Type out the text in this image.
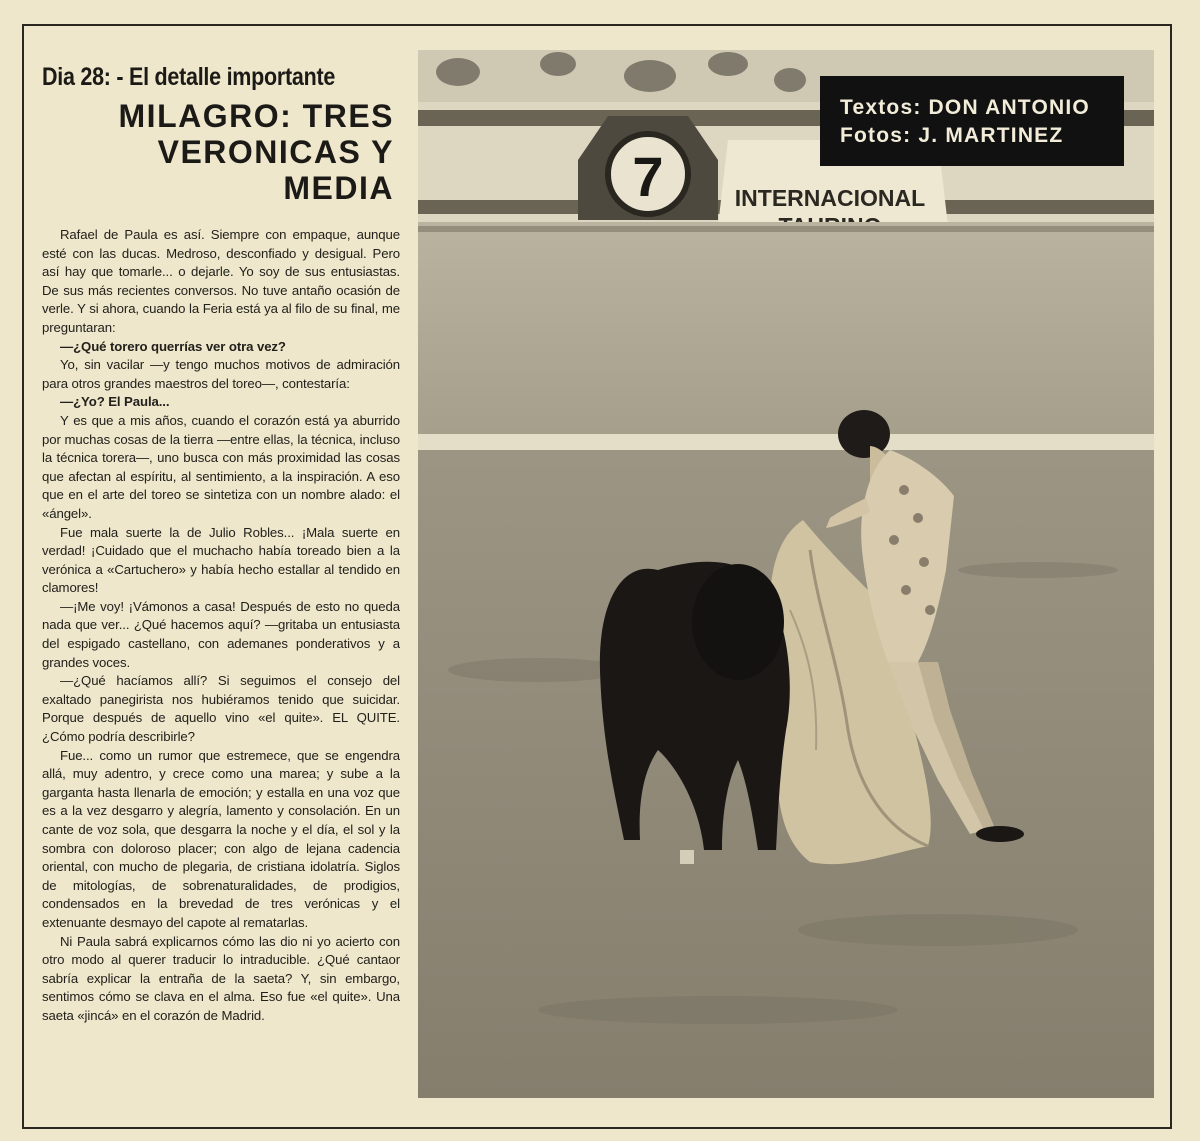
Dia 28: - El detalle importante
MILAGRO: TRES VERONICAS Y MEDIA

Rafael de Paula es así. Siempre con empaque, aunque esté con las ducas. Medroso, desconfiado y desigual. Pero así hay que tomarle... o dejarle. Yo soy de sus entusiastas. De sus más recientes conversos. No tuve antaño ocasión de verle. Y si ahora, cuando la Feria está ya al filo de su final, me preguntaran:

—¿Qué torero querrías ver otra vez?

Yo, sin vacilar —y tengo muchos motivos de admiración para otros grandes maestros del toreo—, contestaría:

—¿Yo? El Paula...

Y es que a mis años, cuando el corazón está ya aburrido por muchas cosas de la tierra —entre ellas, la técnica, incluso la técnica torera—, uno busca con más proximidad las cosas que afectan al espíritu, al sentimiento, a la inspiración. A eso que en el arte del toreo se sintetiza con un nombre alado: el «ángel».

Fue mala suerte la de Julio Robles... ¡Mala suerte en verdad! ¡Cuidado que el muchacho había toreado bien a la verónica a «Cartuchero» y había hecho estallar al tendido en clamores!

—¡Me voy! ¡Vámonos a casa! Después de esto no queda nada que ver... ¿Qué hacemos aquí? —gritaba un entusiasta del espigado castellano, con ademanes ponderativos y a grandes voces.

—¿Qué hacíamos allí? Si seguimos el consejo del exaltado panegirista nos hubiéramos tenido que suicidar. Porque después de aquello vino «el quite». EL QUITE. ¿Cómo podría describirle?

Fue... como un rumor que estremece, que se engendra allá, muy adentro, y crece como una marea; y sube a la garganta hasta llenarla de emoción; y estalla en una voz que es a la vez desgarro y alegría, lamento y consolación. En un cante de voz sola, que desgarra la noche y el día, el sol y la sombra con doloroso placer; con algo de lejana cadencia oriental, con mucho de plegaria, de cristiana idolatría. Siglos de mitologías, de sobrenaturalidades, de prodigios, condensados en la brevedad de tres verónicas y el extenuante desmayo del capote al rematarlas.

Ni Paula sabrá explicarnos cómo las dio ni yo acierto con otro modo al querer traducir lo intraducible. ¿Qué cantaor sabría explicar la entraña de la saeta? Y, sin embargo, sentimos cómo se clava en el alma. Eso fue «el quite». Una saeta «jincá» en el corazón de Madrid.

7	INTERNACIONAL
Textos: DON ANTONIO
Fotos: J. MARTINEZ
